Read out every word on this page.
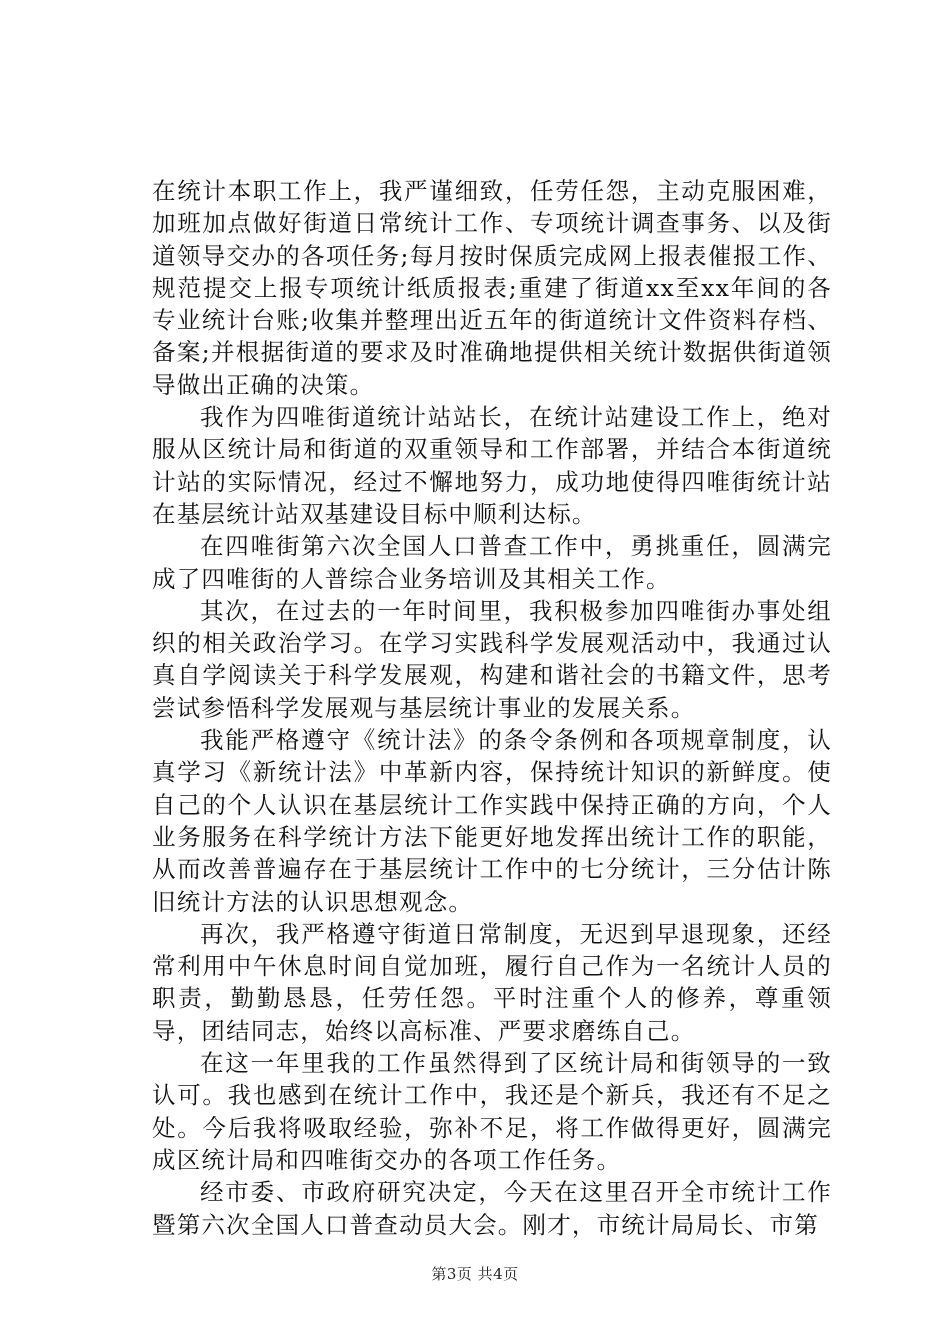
在统计本职工作上，我严谨细致，任劳任怨，主动克服困难，加班加点做好街道日常统计工作、专项统计调查事务、以及街道领导交办的各项任务;每月按时保质完成网上报表催报工作、规范提交上报专项统计纸质报表;重建了街道xx至xx年间的各专业统计台账;收集并整理出近五年的街道统计文件资料存档、备案;并根据街道的要求及时准确地提供相关统计数据供街道领导做出正确的决策。

我作为四唯街道统计站站长，在统计站建设工作上，绝对服从区统计局和街道的双重领导和工作部署，并结合本街道统计站的实际情况，经过不懈地努力，成功地使得四唯街统计站在基层统计站双基建设目标中顺利达标。

在四唯街第六次全国人口普查工作中，勇挑重任，圆满完成了四唯街的人普综合业务培训及其相关工作。

其次，在过去的一年时间里，我积极参加四唯街办事处组织的相关政治学习。在学习实践科学发展观活动中，我通过认真自学阅读关于科学发展观，构建和谐社会的书籍文件，思考尝试参悟科学发展观与基层统计事业的发展关系。

我能严格遵守《统计法》的条令条例和各项规章制度，认真学习《新统计法》中革新内容，保持统计知识的新鲜度。使自己的个人认识在基层统计工作实践中保持正确的方向，个人业务服务在科学统计方法下能更好地发挥出统计工作的职能，从而改善普遍存在于基层统计工作中的七分统计，三分估计陈旧统计方法的认识思想观念。

再次，我严格遵守街道日常制度，无迟到早退现象，还经常利用中午休息时间自觉加班，履行自己作为一名统计人员的职责，勤勤恳恳，任劳任怨。平时注重个人的修养，尊重领导，团结同志，始终以高标准、严要求磨练自己。

在这一年里我的工作虽然得到了区统计局和街领导的一致认可。我也感到在统计工作中，我还是个新兵，我还有不足之处。今后我将吸取经验，弥补不足，将工作做得更好，圆满完成区统计局和四唯街交办的各项工作任务。

经市委、市政府研究决定，今天在这里召开全市统计工作暨第六次全国人口普查动员大会。刚才，市统计局局长、市第

第3页 共4页
